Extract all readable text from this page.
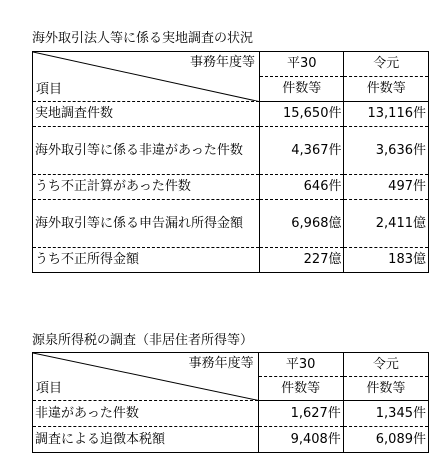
海外取引法人等に係る実地調査の状況
事務年度等
項目	平30	令元
	件数等	件数等
実地調査件数	15,650件	13,116件
海外取引等に係る非違があった件数	4,367件	3,636件
うち不正計算があった件数	646件	497件
海外取引等に係る申告漏れ所得金額	6,968億	2,411億
うち不正所得金額	227億	183億
源泉所得税の調査（非居住者所得等）
事務年度等
項目	平30	令元
	件数等	件数等
非違があった件数	1,627件	1,345件
調査による追徴本税額	9,408件	6,089件
